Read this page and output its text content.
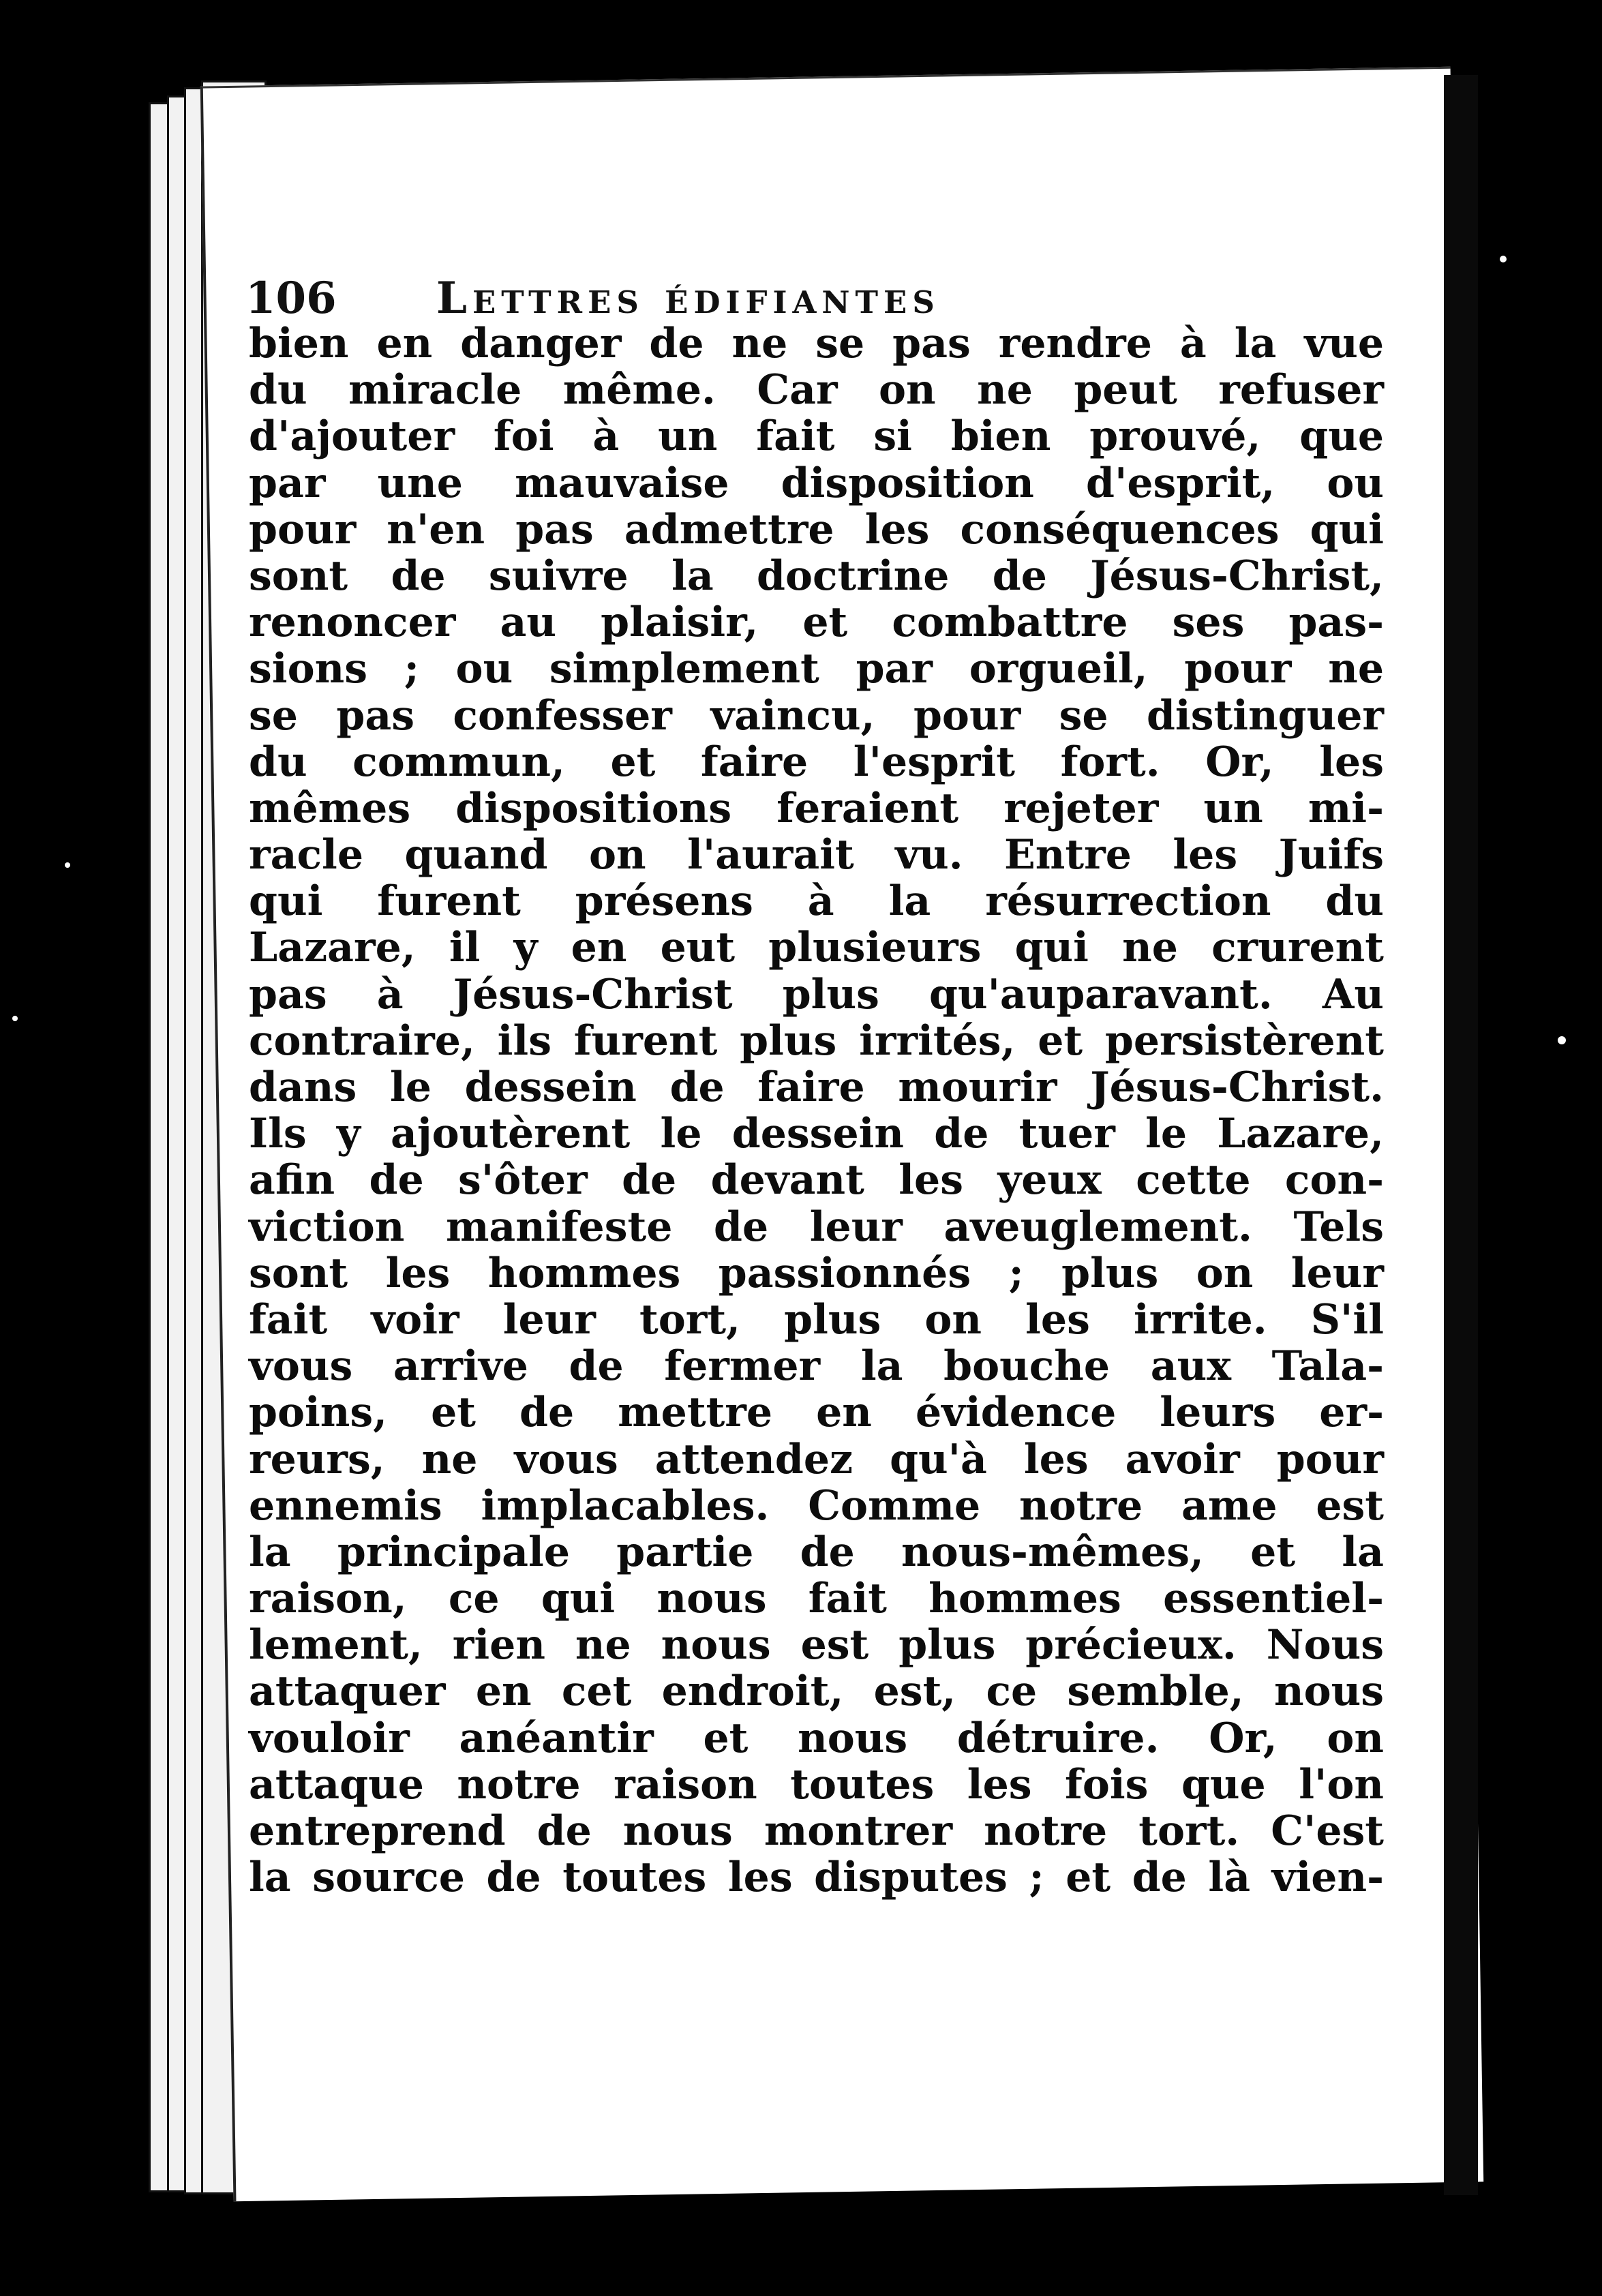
106 Lettres édifiantes
bien en danger de ne se pas rendre à la vue
du miracle même. Car on ne peut refuser
d'ajouter foi à un fait si bien prouvé, que
par une mauvaise disposition d'esprit, ou
pour n'en pas admettre les conséquences qui
sont de suivre la doctrine de Jésus-Christ,
renoncer au plaisir, et combattre ses pas-
sions ; ou simplement par orgueil, pour ne
se pas confesser vaincu, pour se distinguer
du commun, et faire l'esprit fort. Or, les
mêmes dispositions feraient rejeter un mi-
racle quand on l'aurait vu. Entre les Juifs
qui furent présens à la résurrection du
Lazare, il y en eut plusieurs qui ne crurent
pas à Jésus-Christ plus qu'auparavant. Au
contraire, ils furent plus irrités, et persistèrent
dans le dessein de faire mourir Jésus-Christ.
Ils y ajoutèrent le dessein de tuer le Lazare,
afin de s'ôter de devant les yeux cette con-
viction manifeste de leur aveuglement. Tels
sont les hommes passionnés ; plus on leur
fait voir leur tort, plus on les irrite. S'il
vous arrive de fermer la bouche aux Tala-
poins, et de mettre en évidence leurs er-
reurs, ne vous attendez qu'à les avoir pour
ennemis implacables. Comme notre ame est
la principale partie de nous-mêmes, et la
raison, ce qui nous fait hommes essentiel-
lement, rien ne nous est plus précieux. Nous
attaquer en cet endroit, est, ce semble, nous
vouloir anéantir et nous détruire. Or, on
attaque notre raison toutes les fois que l'on
entreprend de nous montrer notre tort. C'est
la source de toutes les disputes ; et de là vien-
